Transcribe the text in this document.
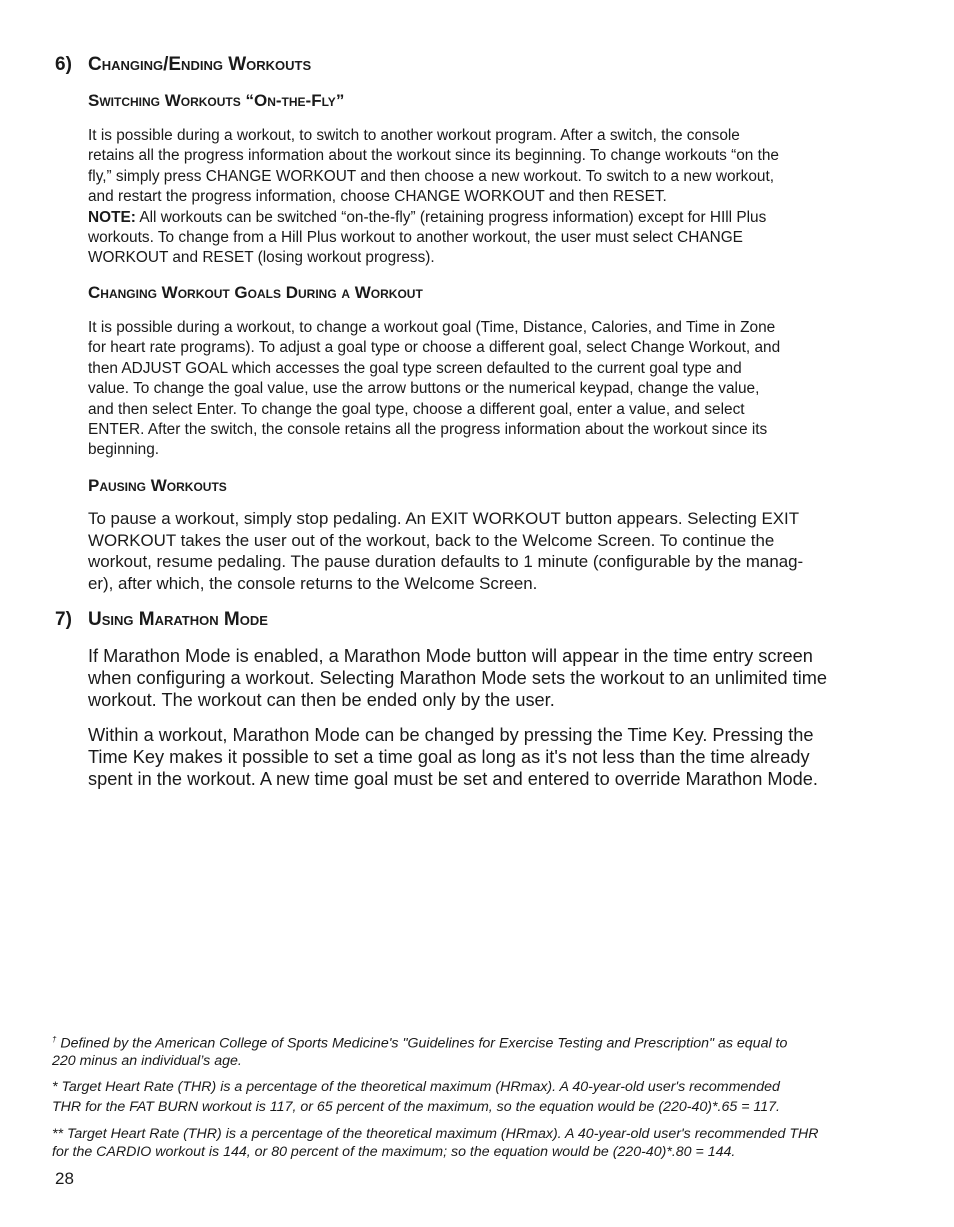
6) Changing/Ending Workouts
Switching Workouts “On-the-Fly”
It is possible during a workout, to switch to another workout program. After a switch, the console
retains all the progress information about the workout since its beginning. To change workouts “on the
fly,” simply press CHANGE WORKOUT and then choose a new workout. To switch to a new workout,
and restart the progress information, choose CHANGE WORKOUT and then RESET.
NOTE: All workouts can be switched “on-the-fly” (retaining progress information) except for HIll Plus
workouts. To change from a Hill Plus workout to another workout, the user must select CHANGE
WORKOUT and RESET (losing workout progress).
Changing Workout Goals During a Workout
It is possible during a workout, to change a workout goal (Time, Distance, Calories, and Time in Zone
for heart rate programs). To adjust a goal type or choose a different goal, select Change Workout, and
then ADJUST GOAL which accesses the goal type screen defaulted to the current goal type and
value. To change the goal value, use the arrow buttons or the numerical keypad, change the value,
and then select Enter. To change the goal type, choose a different goal, enter a value, and select
ENTER. After the switch, the console retains all the progress information about the workout since its
beginning.
Pausing Workouts
To pause a workout, simply stop pedaling. An EXIT WORKOUT button appears. Selecting EXIT
WORKOUT takes the user out of the workout, back to the Welcome Screen. To continue the
workout, resume pedaling. The pause duration defaults to 1 minute (configurable by the manag-
er), after which, the console returns to the Welcome Screen.
7) Using Marathon Mode
If Marathon Mode is enabled, a Marathon Mode button will appear in the time entry screen
when configuring a workout. Selecting Marathon Mode sets the workout to an unlimited time
workout. The workout can then be ended only by the user.
Within a workout, Marathon Mode can be changed by pressing the Time Key. Pressing the
Time Key makes it possible to set a time goal as long as it's not less than the time already
spent in the workout. A new time goal must be set and entered to override Marathon Mode.
† Defined by the American College of Sports Medicine's "Guidelines for Exercise Testing and Prescription" as equal to
220 minus an individual’s age.
* Target Heart Rate (THR) is a percentage of the theoretical maximum (HRmax). A 40-year-old user's recommended
THR for the FAT BURN workout is 117, or 65 percent of the maximum, so the equation would be (220-40)*.65 = 117.
** Target Heart Rate (THR) is a percentage of the theoretical maximum (HRmax). A 40-year-old user's recommended THR
for the CARDIO workout is 144, or 80 percent of the maximum; so the equation would be (220-40)*.80 = 144.
28
